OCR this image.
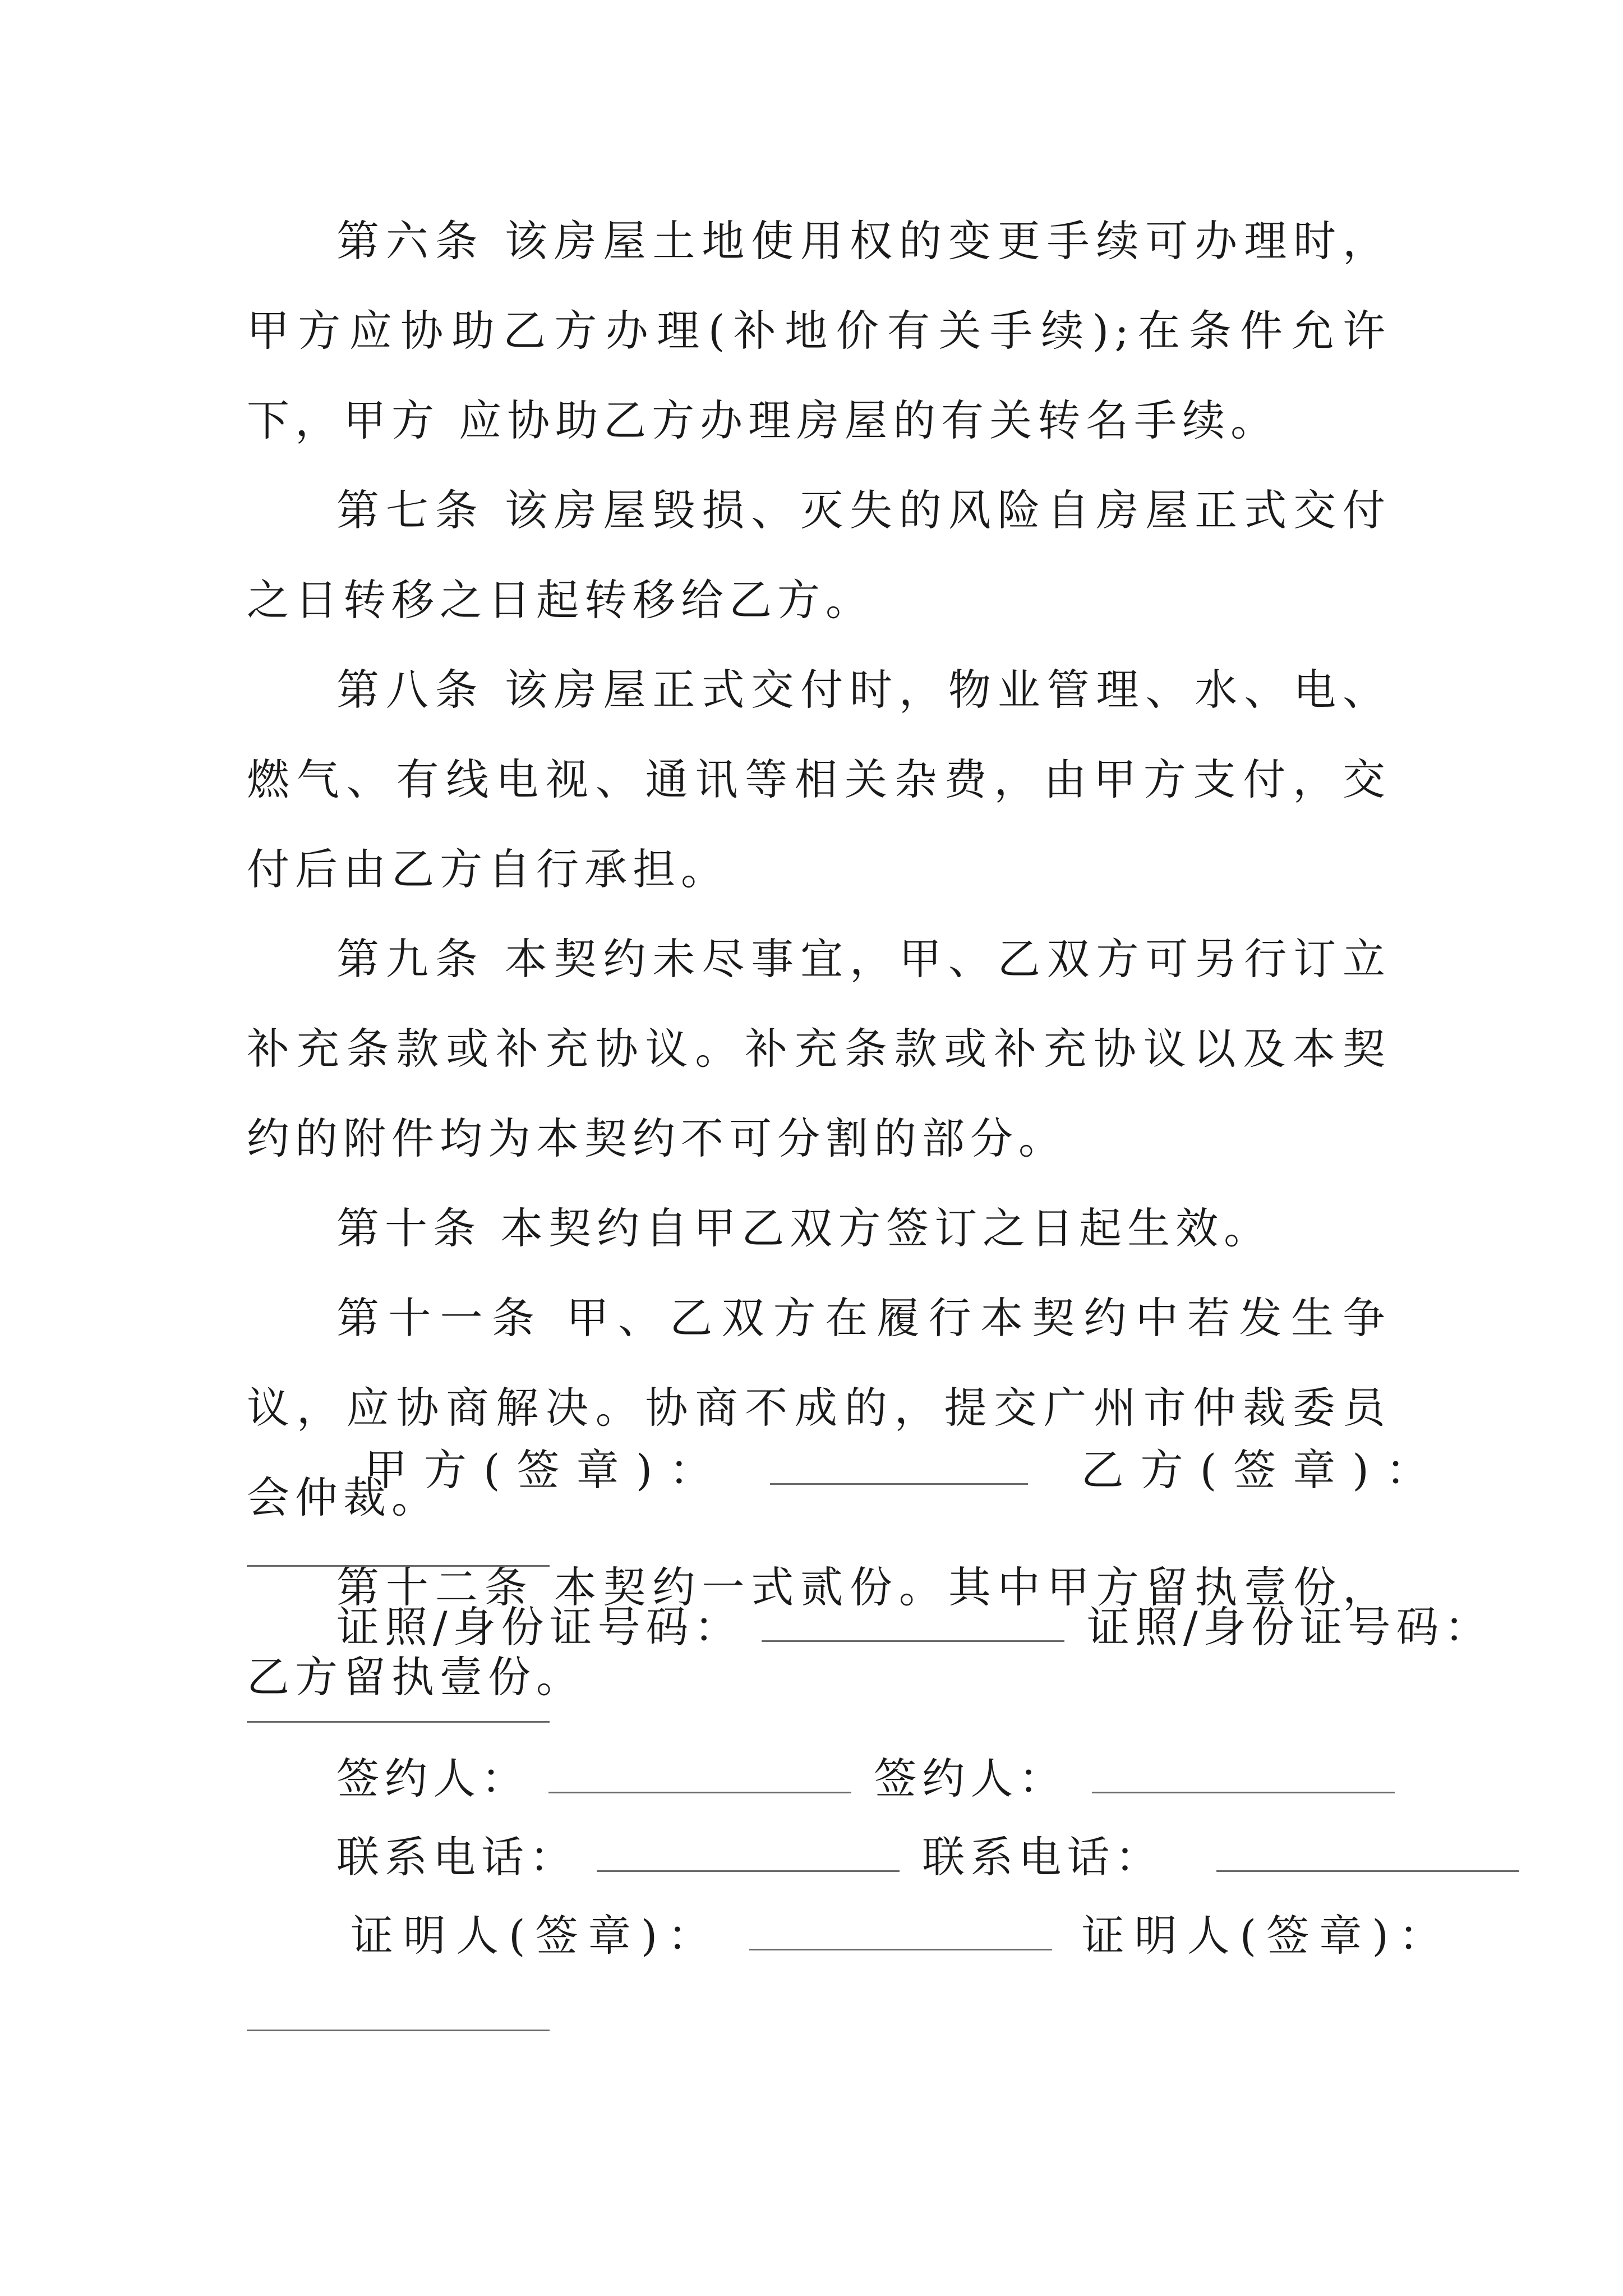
第六条 该房屋土地使用权的变更手续可办理时，甲方应协助乙方办理(补地价有关手续);在条件允许下，甲方 应协助乙方办理房屋的有关转名手续。

第七条 该房屋毁损、灭失的风险自房屋正式交付之日转移之日起转移给乙方。

第八条 该房屋正式交付时，物业管理、水、电、燃气、有线电视、通讯等相关杂费，由甲方支付，交付后由乙方自行承担。

第九条 本契约未尽事宜，甲、乙双方可另行订立补充条款或补充协议。补充条款或补充协议以及本契约的附件均为本契约不可分割的部分。

第十条 本契约自甲乙双方签订之日起生效。

第十一条 甲、乙双方在履行本契约中若发生争议，应协商解决。协商不成的，提交广州市仲裁委员会仲裁。

第十二条 本契约一式贰份。其中甲方留执壹份，乙方留执壹份。

甲方(签章)：	乙方(签章)：
证照/身份证号码：	证照/身份证号码：
签约人：	签约人：
联系电话：	联系电话：
证明人(签章)：	证明人(签章)：
